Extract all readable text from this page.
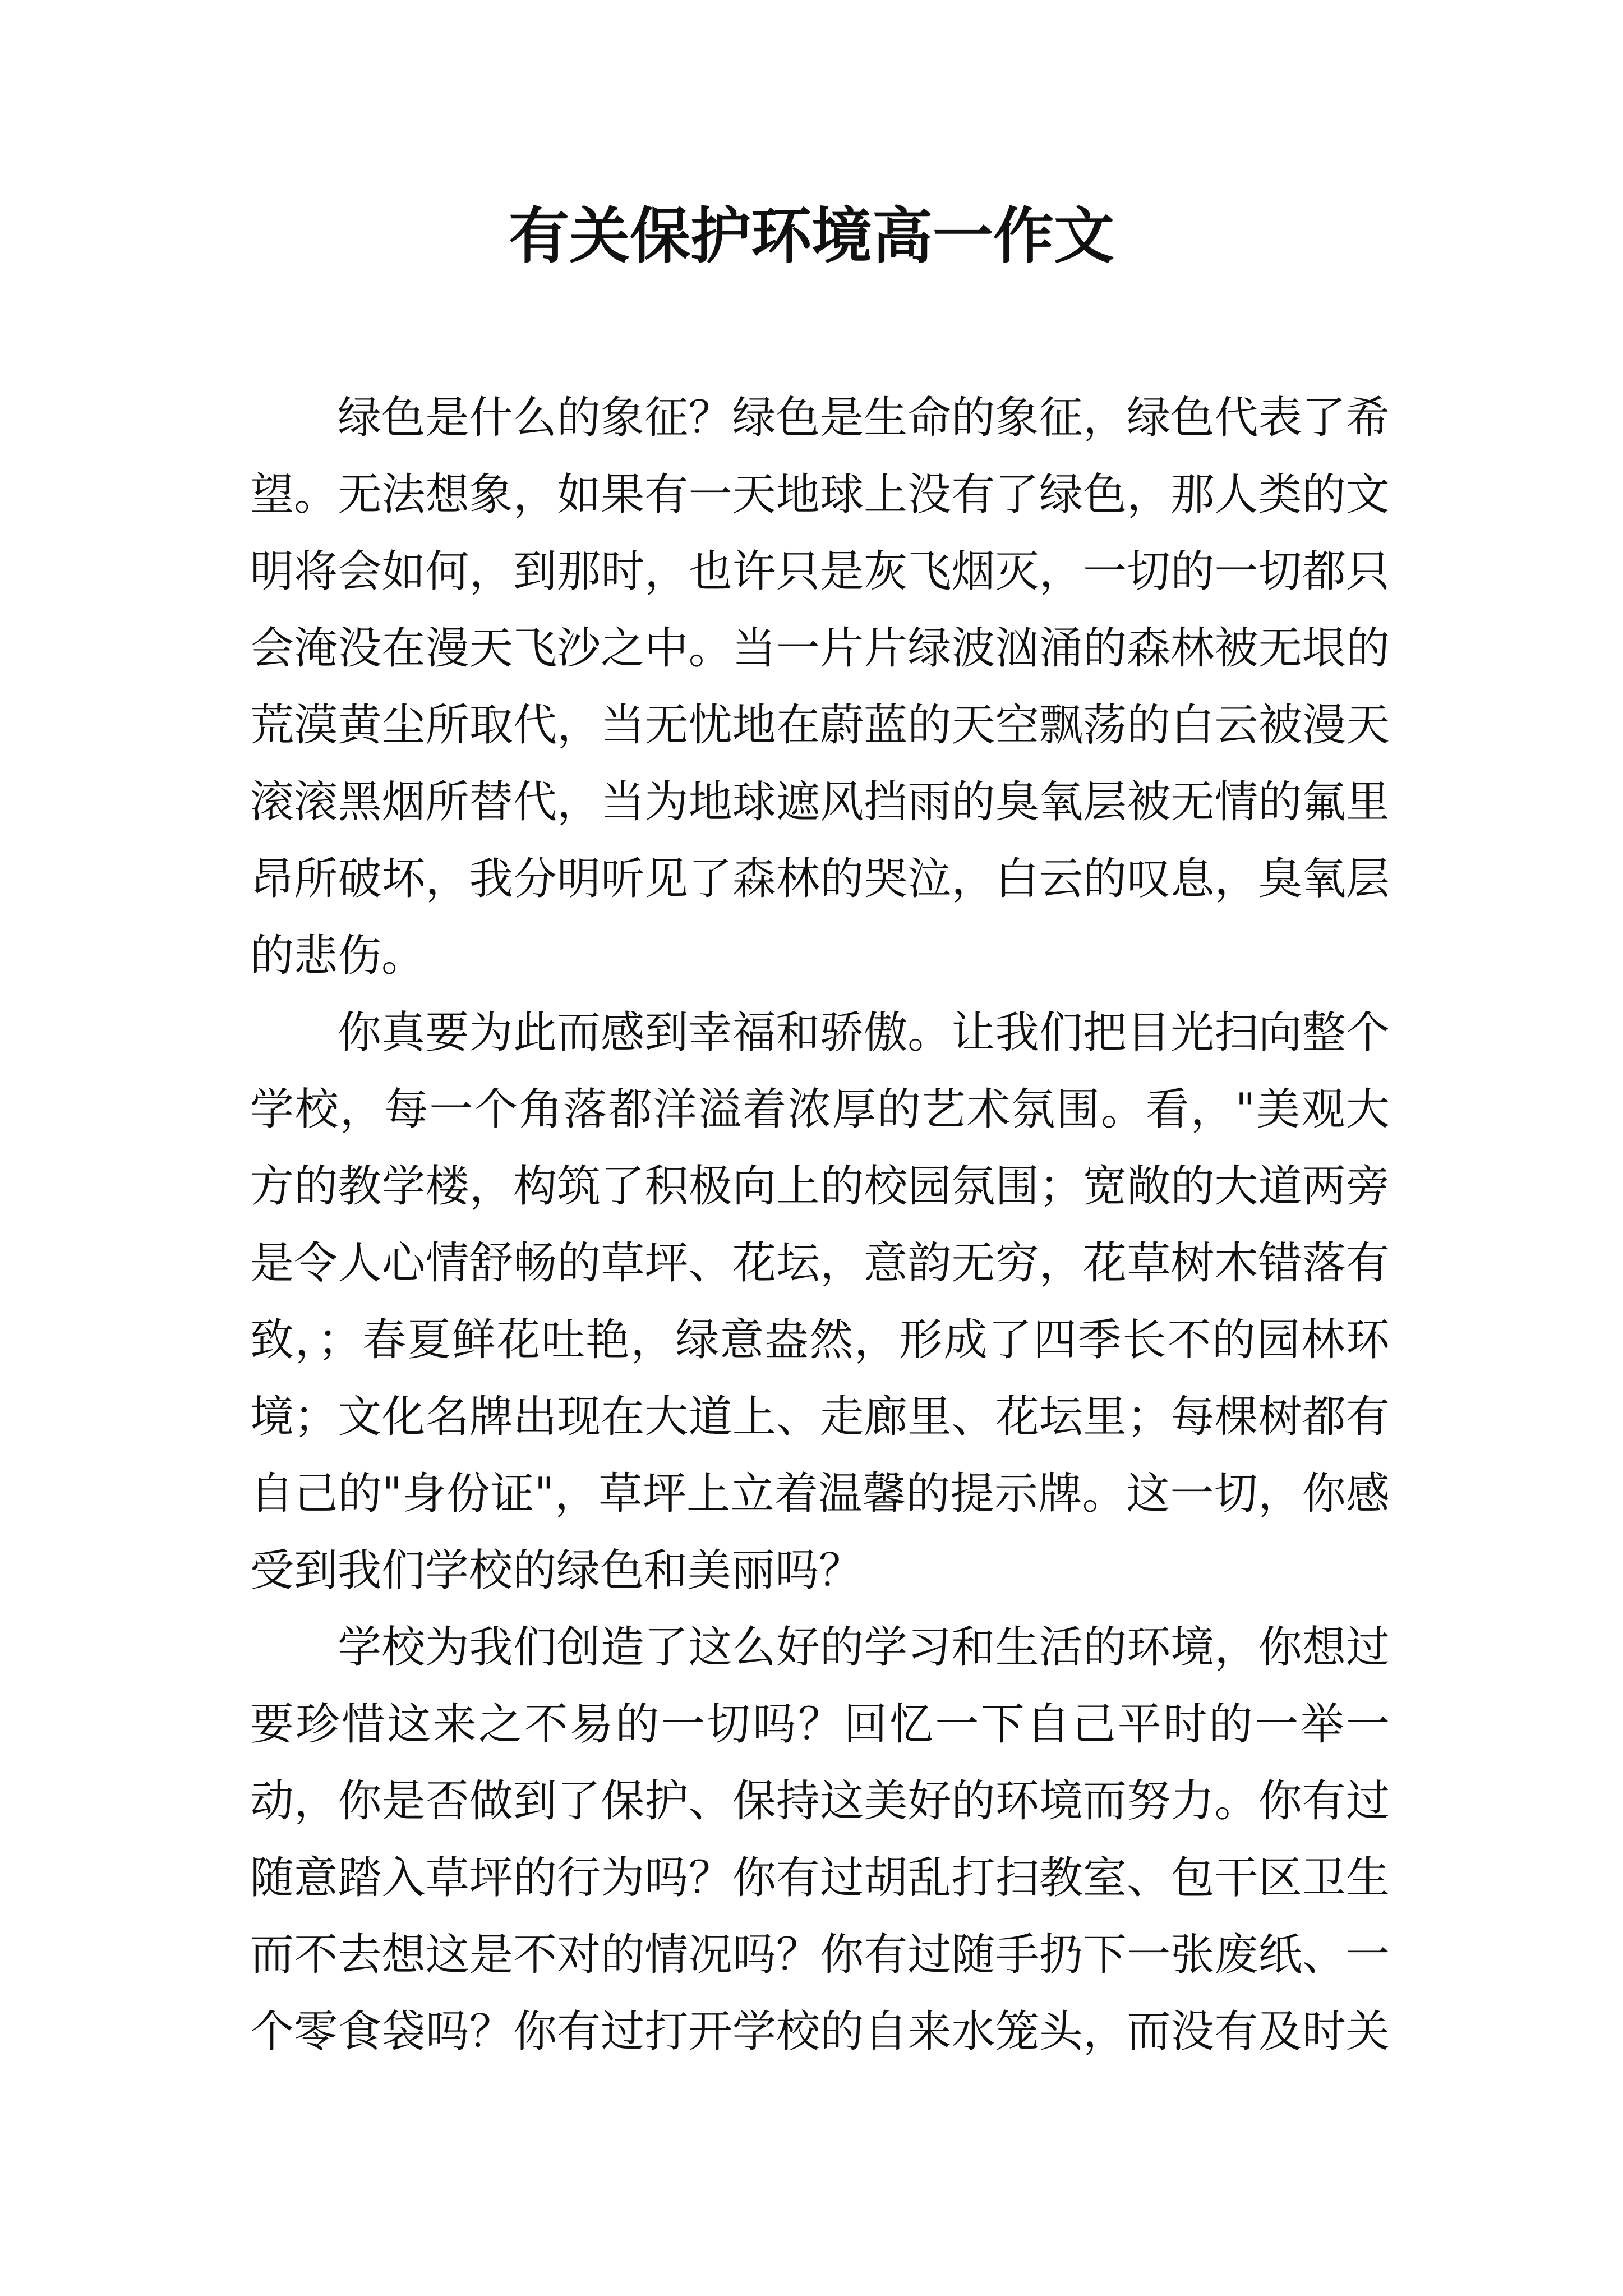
有关保护环境高一作文
绿色是什么的象征？绿色是生命的象征，绿色代表了希
望。无法想象，如果有一天地球上没有了绿色，那人类的文
明将会如何，到那时，也许只是灰飞烟灭，一切的一切都只
会淹没在漫天飞沙之中。当一片片绿波汹涌的森林被无垠的
荒漠黄尘所取代，当无忧地在蔚蓝的天空飘荡的白云被漫天
滚滚黑烟所替代，当为地球遮风挡雨的臭氧层被无情的氟里
昂所破坏，我分明听见了森林的哭泣，白云的叹息，臭氧层
的悲伤。
你真要为此而感到幸福和骄傲。让我们把目光扫向整个
学校，每一个角落都洋溢着浓厚的艺术氛围。看，"美观大
方的教学楼，构筑了积极向上的校园氛围；宽敞的大道两旁
是令人心情舒畅的草坪、花坛，意韵无穷，花草树木错落有
致，；春夏鲜花吐艳，绿意盎然，形成了四季长不的园林环
境；文化名牌出现在大道上、走廊里、花坛里；每棵树都有
自己的"身份证"，草坪上立着温馨的提示牌。这一切，你感
受到我们学校的绿色和美丽吗？
学校为我们创造了这么好的学习和生活的环境，你想过
要珍惜这来之不易的一切吗？回忆一下自己平时的一举一
动，你是否做到了保护、保持这美好的环境而努力。你有过
随意踏入草坪的行为吗？你有过胡乱打扫教室、包干区卫生
而不去想这是不对的情况吗？你有过随手扔下一张废纸、一
个零食袋吗？你有过打开学校的自来水笼头，而没有及时关
